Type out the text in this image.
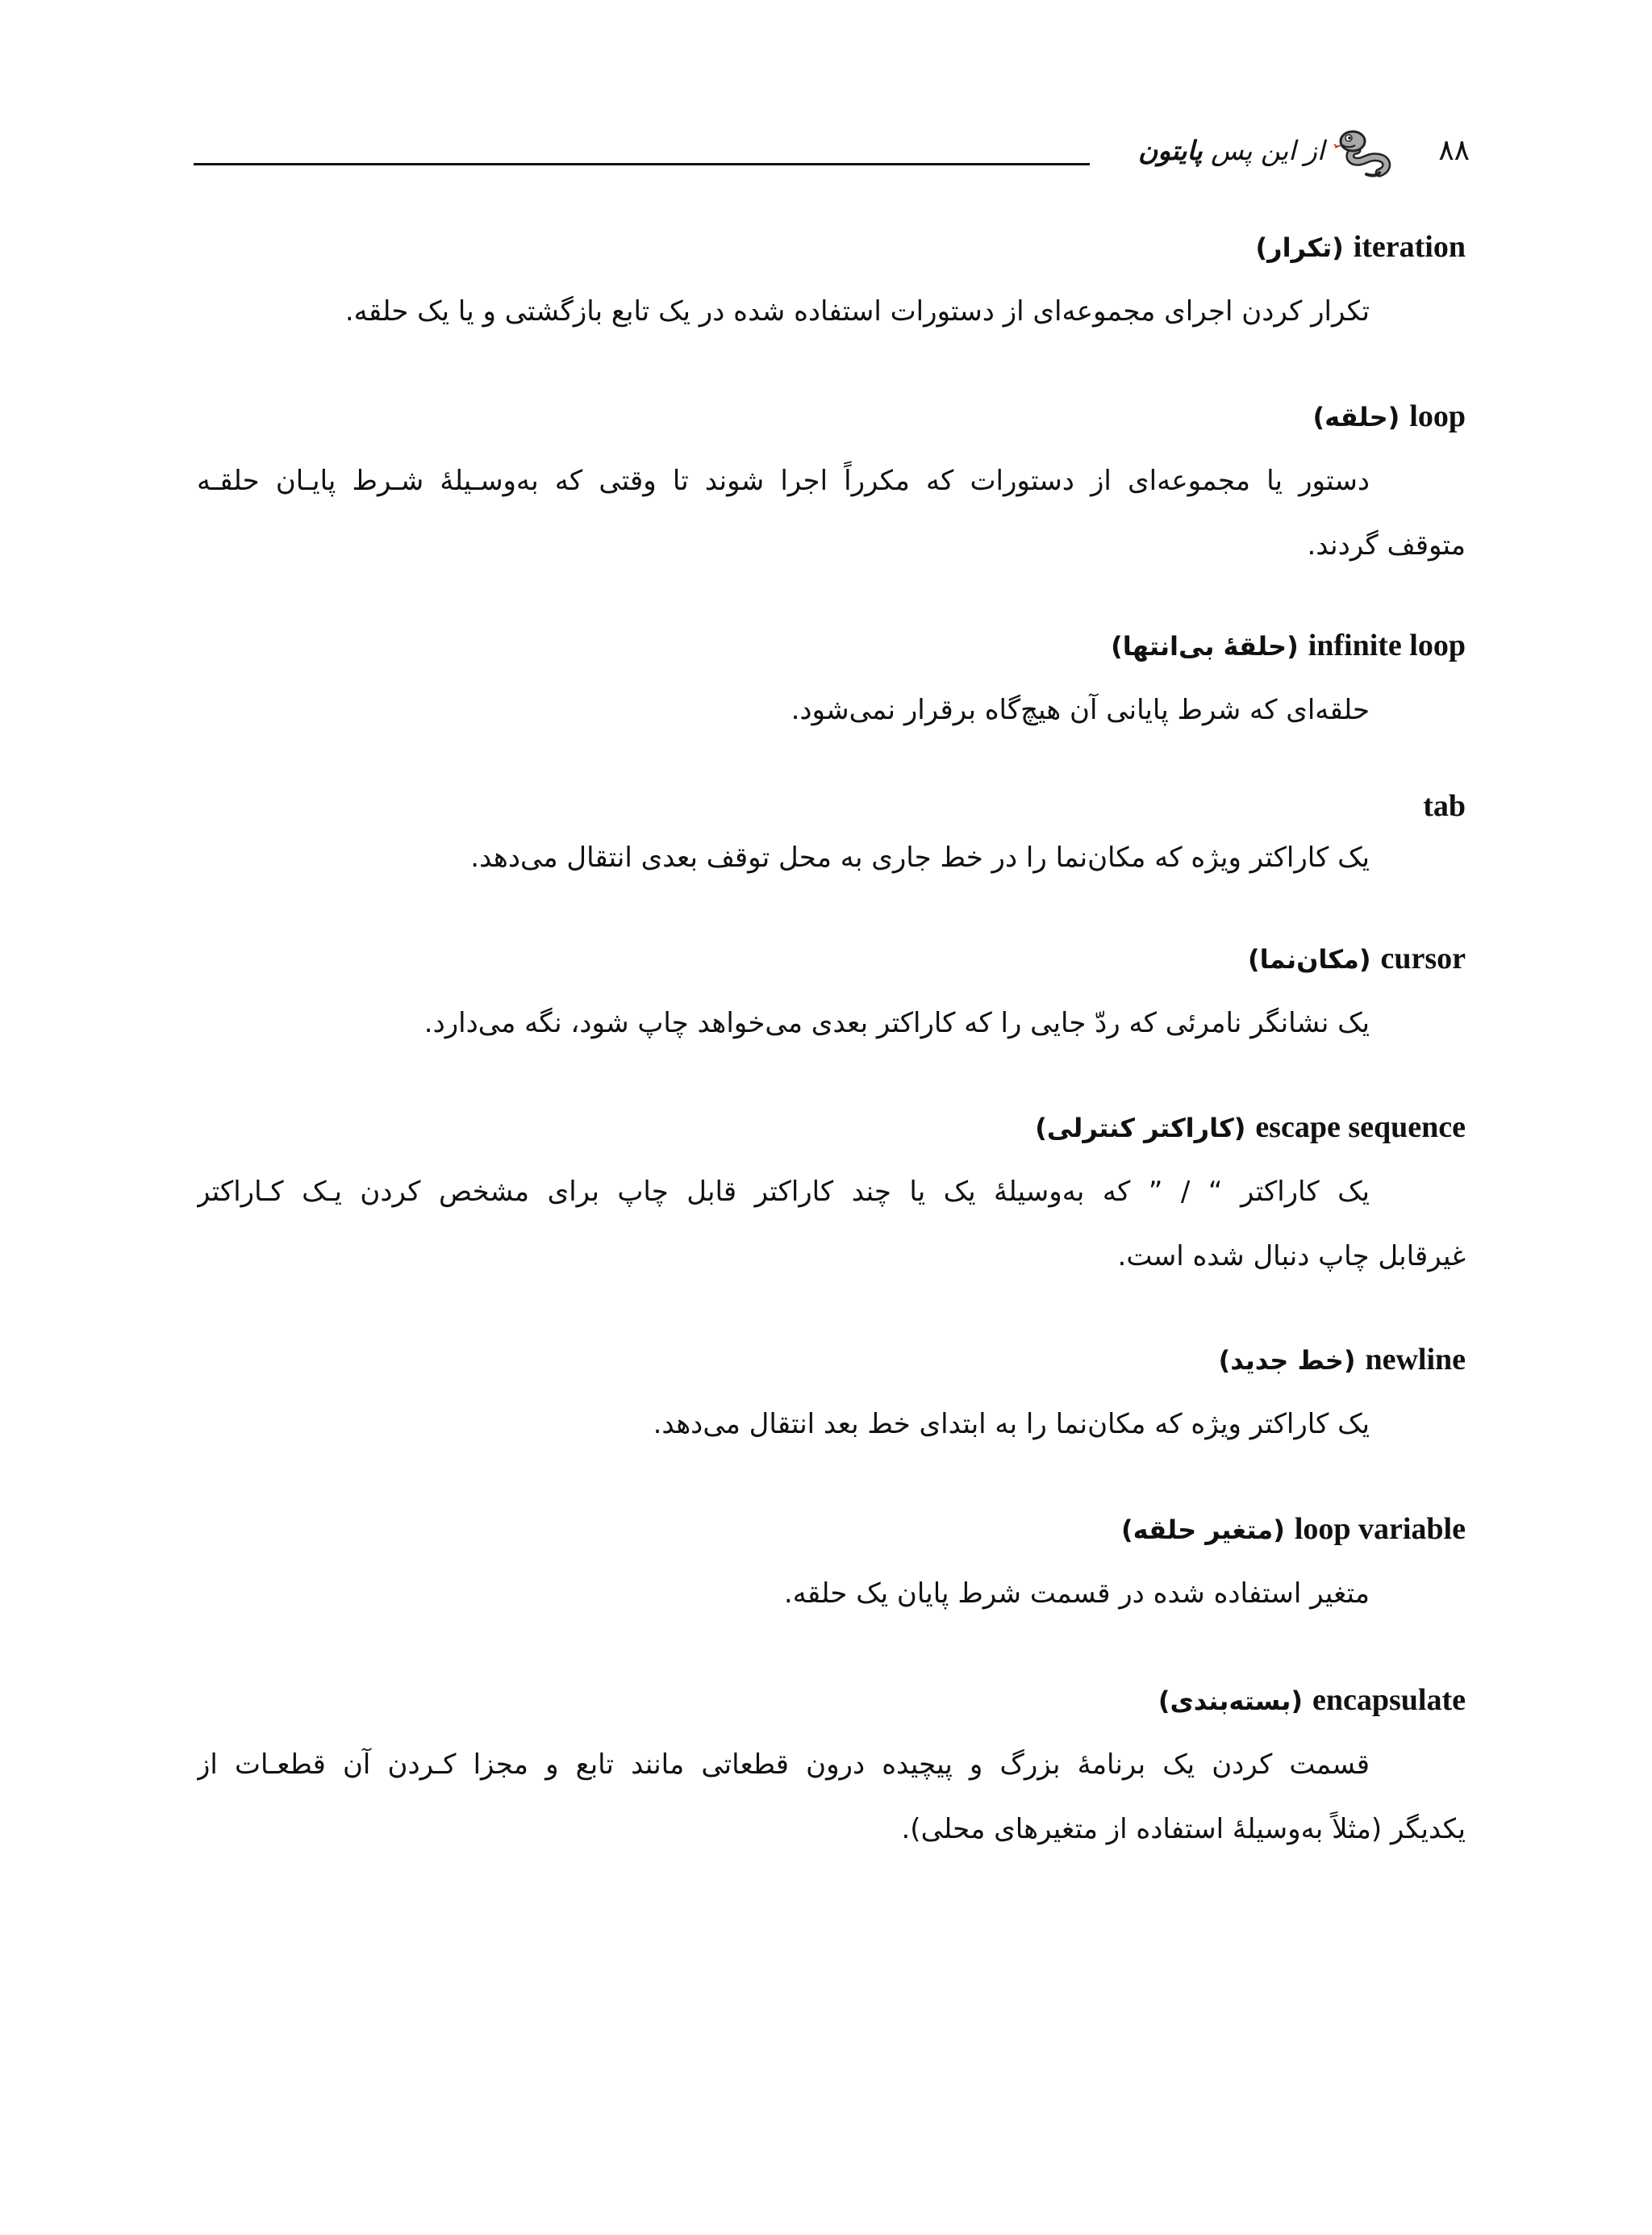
۸۸
از این پس پایتون
iteration
(تکرار)
تکرار کردن اجرای مجموعه‌ای از دستورات استفاده شده در یک تابع بازگشتی و یا یک حلقه.
loop
(حلقه)
دستور یا مجموعه‌ای از دستورات که مکرراً اجرا شوند تا وقتی که به‌وسـیلۀ شـرط پایـان حلقـه
متوقف گردند.
infinite loop
(حلقۀ بی‌انتها)
حلقه‌ای که شرط پایانی آن هیچ‌گاه برقرار نمی‌شود.
tab
یک کاراکتر ویژه که مکان‌نما را در خط جاری به محل توقف بعدی انتقال می‌دهد.
cursor
(مکان‌نما)
یک نشانگر نامرئی که ردّ جایی را که کاراکتر بعدی می‌خواهد چاپ شود، نگه می‌دارد.
escape sequence
(کاراکتر کنترلی)
یک کاراکتر “ / ” که به‌وسیلۀ یک یا چند کاراکتر قابل چاپ برای مشخص کردن یـک کـاراکتر
غیرقابل چاپ دنبال شده است.
newline
(خط جدید)
یک کاراکتر ویژه که مکان‌نما را به ابتدای خط بعد انتقال می‌دهد.
loop variable
(متغیر حلقه)
متغیر استفاده شده در قسمت شرط پایان یک حلقه.
encapsulate
(بسته‌بندی)
قسمت کردن یک برنامۀ بزرگ و پیچیده درون قطعاتی مانند تابع و مجزا کـردن آن قطعـات از
یکدیگر (مثلاً به‌وسیلۀ استفاده از متغیرهای محلی).
